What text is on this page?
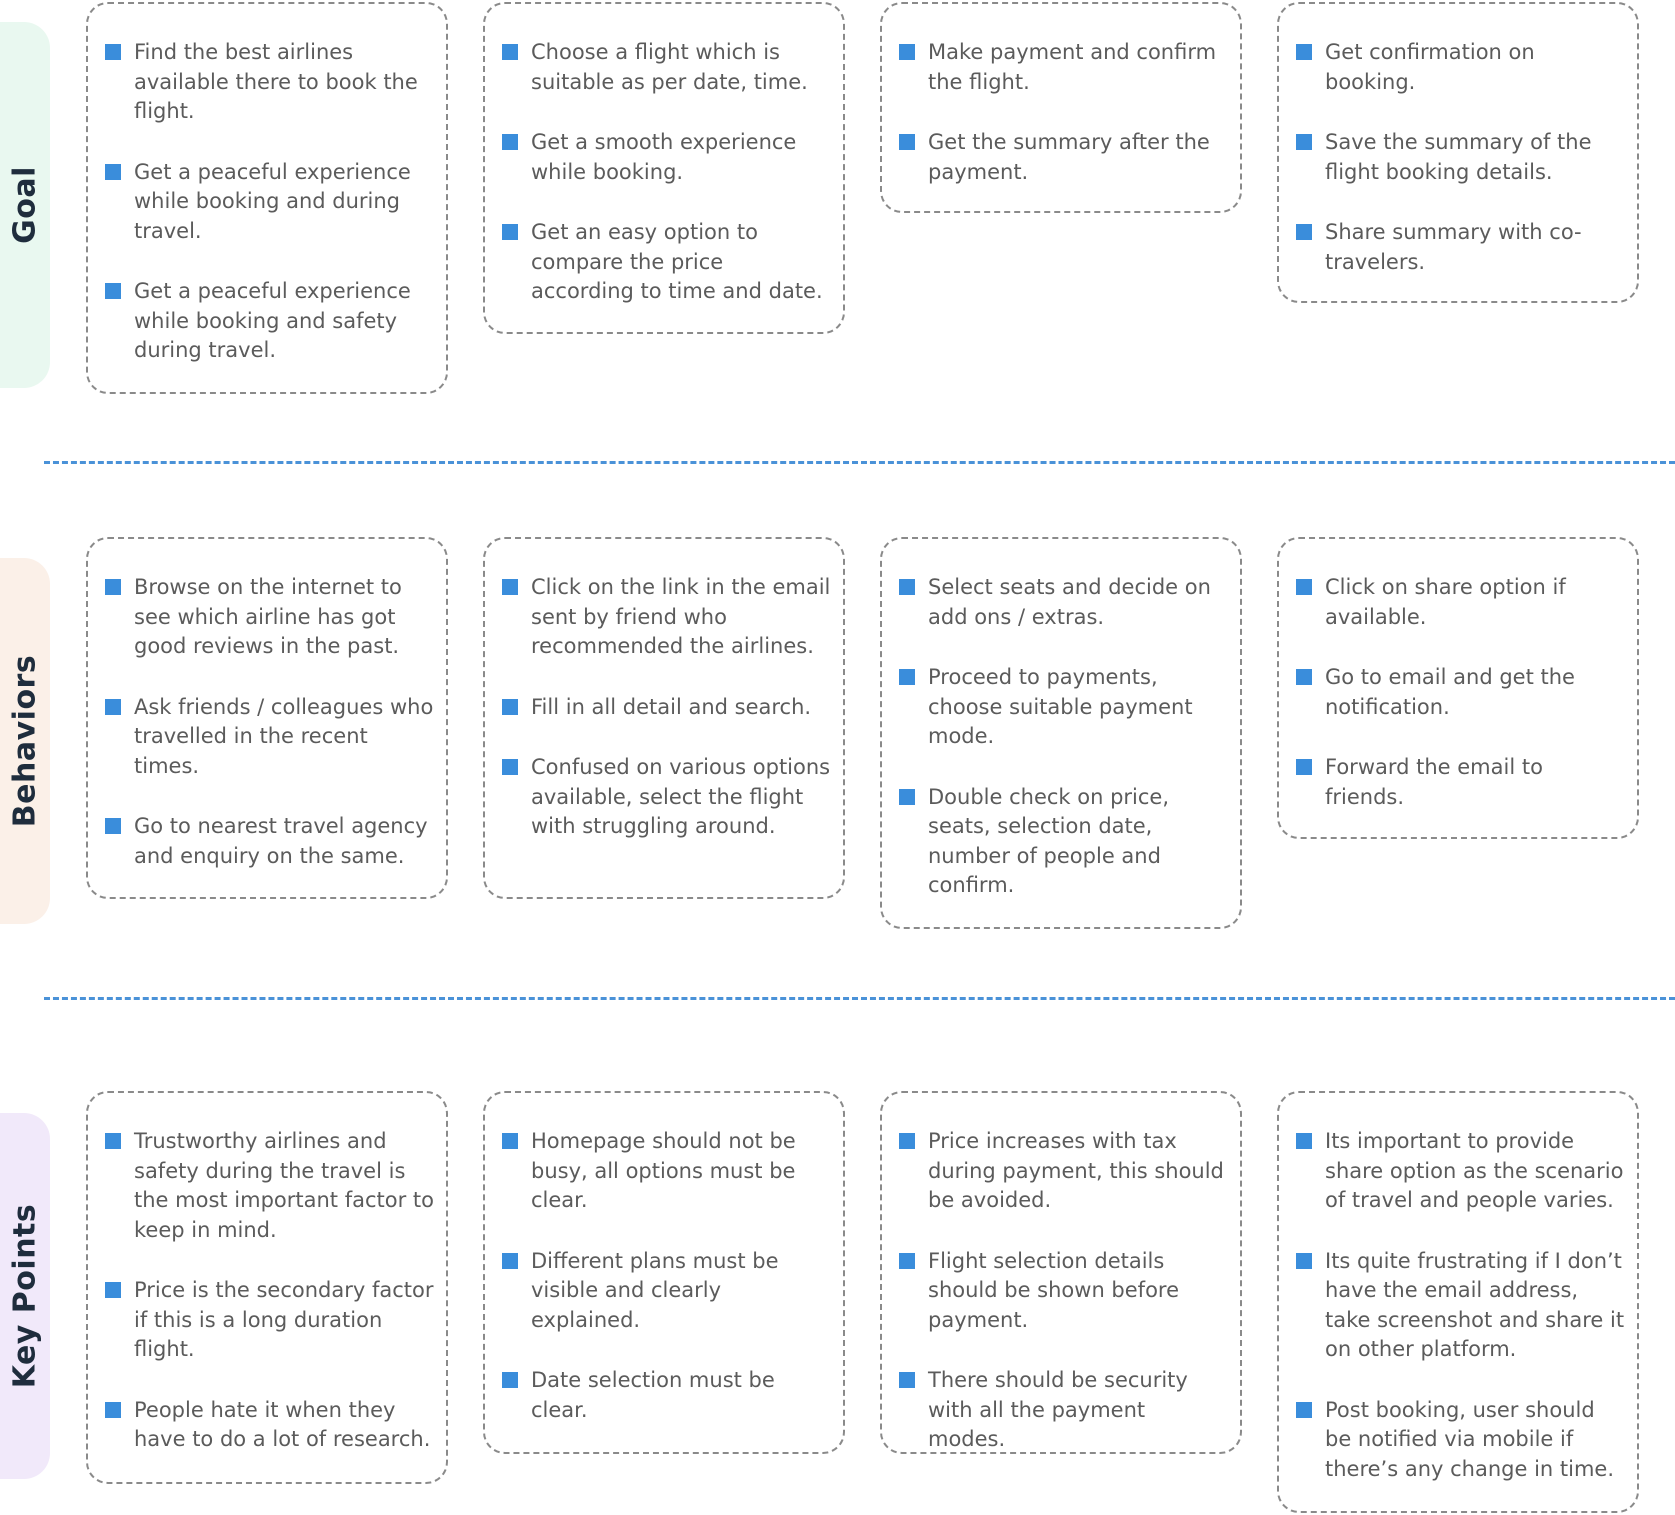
Goal
Find the best airlines available there to book the flight.
Get a peaceful experience while booking and during travel.
Get a peaceful experience while booking and safety during travel.
Choose a flight which is suitable as per date, time.
Get a smooth experience while booking.
Get an easy option to compare the price according to time and date.
Make payment and confirm the flight.
Get the summary after the payment.
Get confirmation on booking.
Save the summary of the flight booking details.
Share summary with co-travelers.
Behaviors
Browse on the internet to see which airline has got good reviews in the past.
Ask friends / colleagues who travelled in the recent times.
Go to nearest travel agency and enquiry on the same.
Click on the link in the email sent by friend who recommended the airlines.
Fill in all detail and search.
Confused on various options available, select the flight with struggling around.
Select seats and decide on add ons / extras.
Proceed to payments, choose suitable payment mode.
Double check on price, seats, selection date, number of people and confirm.
Click on share option if available.
Go to email and get the notification.
Forward the email to friends.
Key Points
Trustworthy airlines and safety during the travel is the most important factor to keep in mind.
Price is the secondary factor if this is a long duration flight.
People hate it when they have to do a lot of research.
Homepage should not be busy, all options must be clear.
Different plans must be visible and clearly explained.
Date selection must be clear.
Price increases with tax during payment, this should be avoided.
Flight selection details should be shown before payment.
There should be security with all the payment modes.
Its important to provide share option as the scenario of travel and people varies.
Its quite frustrating if I don’t have the email address, take screenshot and share it on other platform.
Post booking, user should be notified via mobile if there’s any change in time.
